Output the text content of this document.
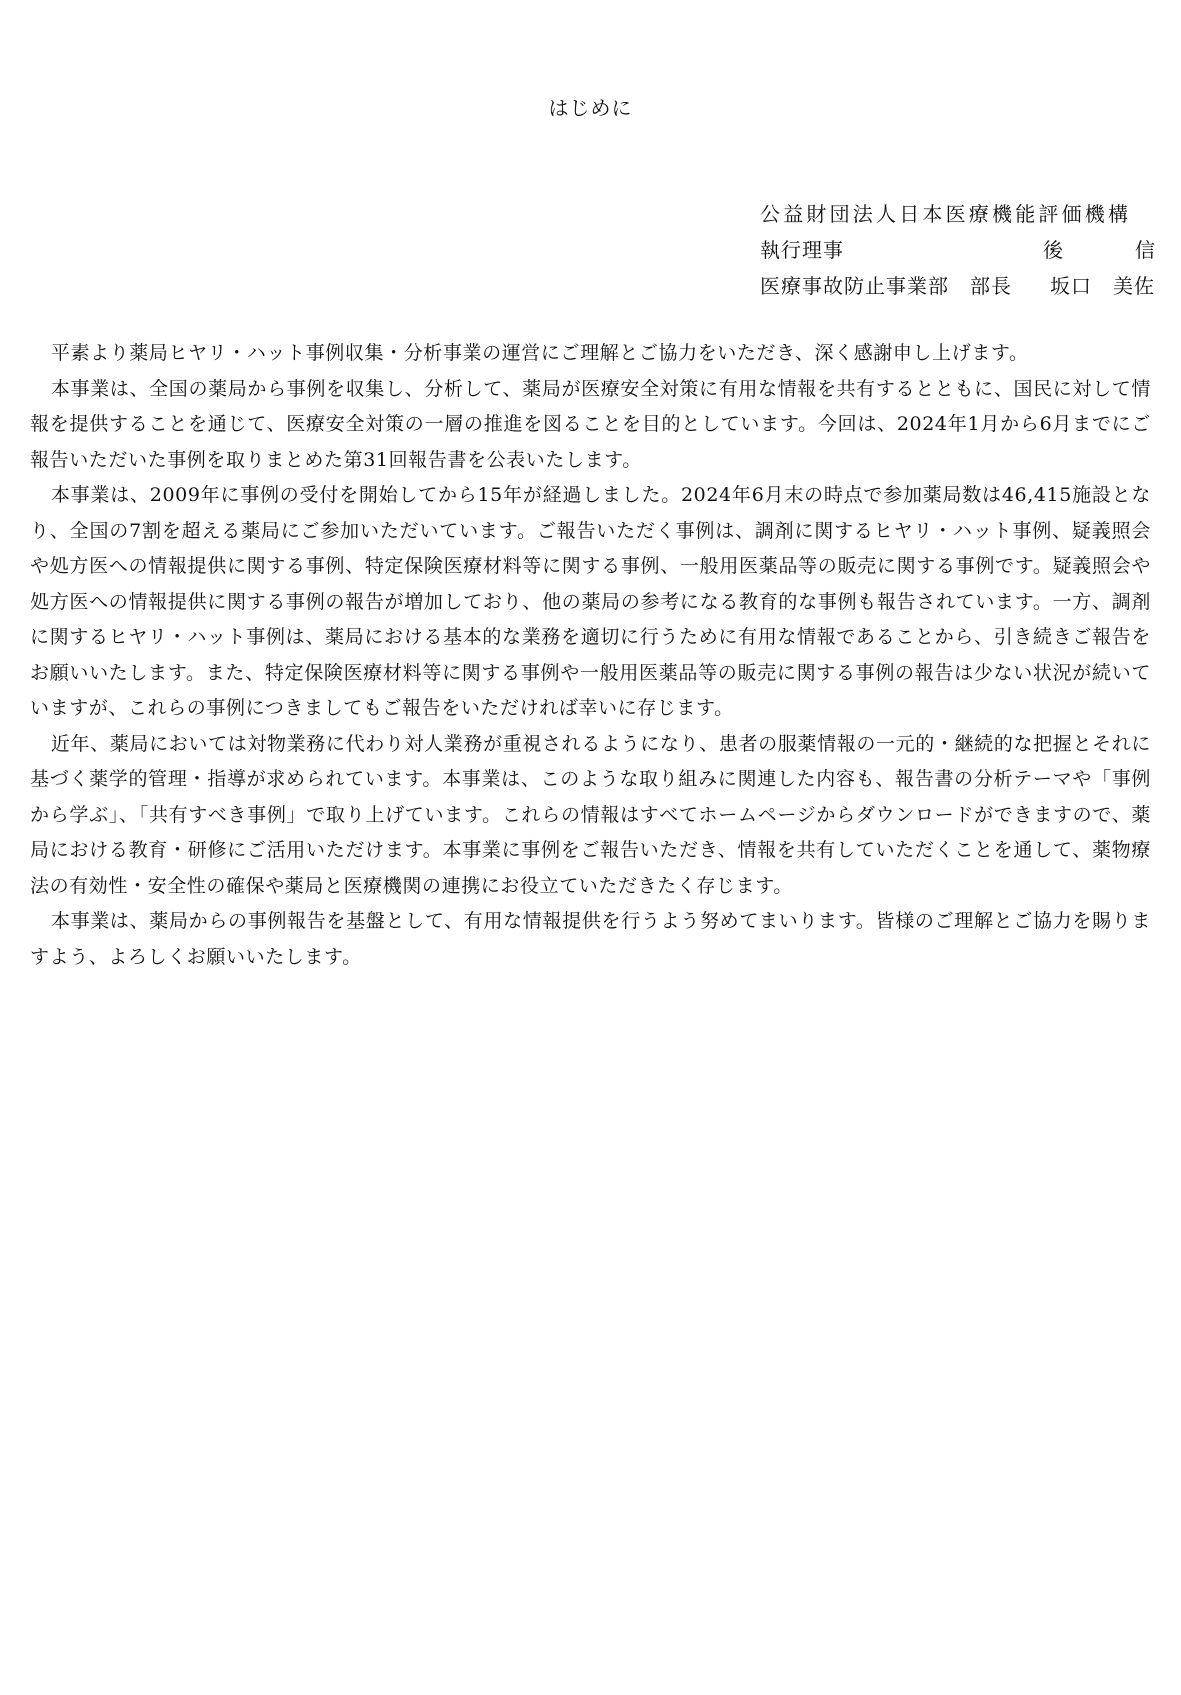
はじめに
公益財団法人日本医療機能評価機構
執行理事	後　信
医療事故防止事業部　部長 坂口　美佐

平素より薬局ヒヤリ・ハット事例収集・分析事業の運営にご理解とご協力をいただき、深く感謝申し上げます。

本事業は、全国の薬局から事例を収集し、分析して、薬局が医療安全対策に有用な情報を共有するとともに、国民に対して情報を提供することを通じて、医療安全対策の一層の推進を図ることを目的としています。今回は、2024年1月から6月までにご報告いただいた事例を取りまとめた第31回報告書を公表いたします。

本事業は、2009年に事例の受付を開始してから15年が経過しました。2024年6月末の時点で参加薬局数は46,415施設となり、全国の7割を超える薬局にご参加いただいています。ご報告いただく事例は、調剤に関するヒヤリ・ハット事例、疑義照会や処方医への情報提供に関する事例、特定保険医療材料等に関する事例、一般用医薬品等の販売に関する事例です。疑義照会や処方医への情報提供に関する事例の報告が増加しており、他の薬局の参考になる教育的な事例も報告されています。一方、調剤に関するヒヤリ・ハット事例は、薬局における基本的な業務を適切に行うために有用な情報であることから、引き続きご報告をお願いいたします。また、特定保険医療材料等に関する事例や一般用医薬品等の販売に関する事例の報告は少ない状況が続いていますが、これらの事例につきましてもご報告をいただければ幸いに存じます。

近年、薬局においては対物業務に代わり対人業務が重視されるようになり、患者の服薬情報の一元的・継続的な把握とそれに基づく薬学的管理・指導が求められています。本事業は、このような取り組みに関連した内容も、報告書の分析テーマや「事例から学ぶ」、「共有すべき事例」で取り上げています。これらの情報はすべてホームページからダウンロードができますので、薬局における教育・研修にご活用いただけます。本事業に事例をご報告いただき、情報を共有していただくことを通して、薬物療法の有効性・安全性の確保や薬局と医療機関の連携にお役立ていただきたく存じます。

本事業は、薬局からの事例報告を基盤として、有用な情報提供を行うよう努めてまいります。皆様のご理解とご協力を賜りますよう、よろしくお願いいたします。
